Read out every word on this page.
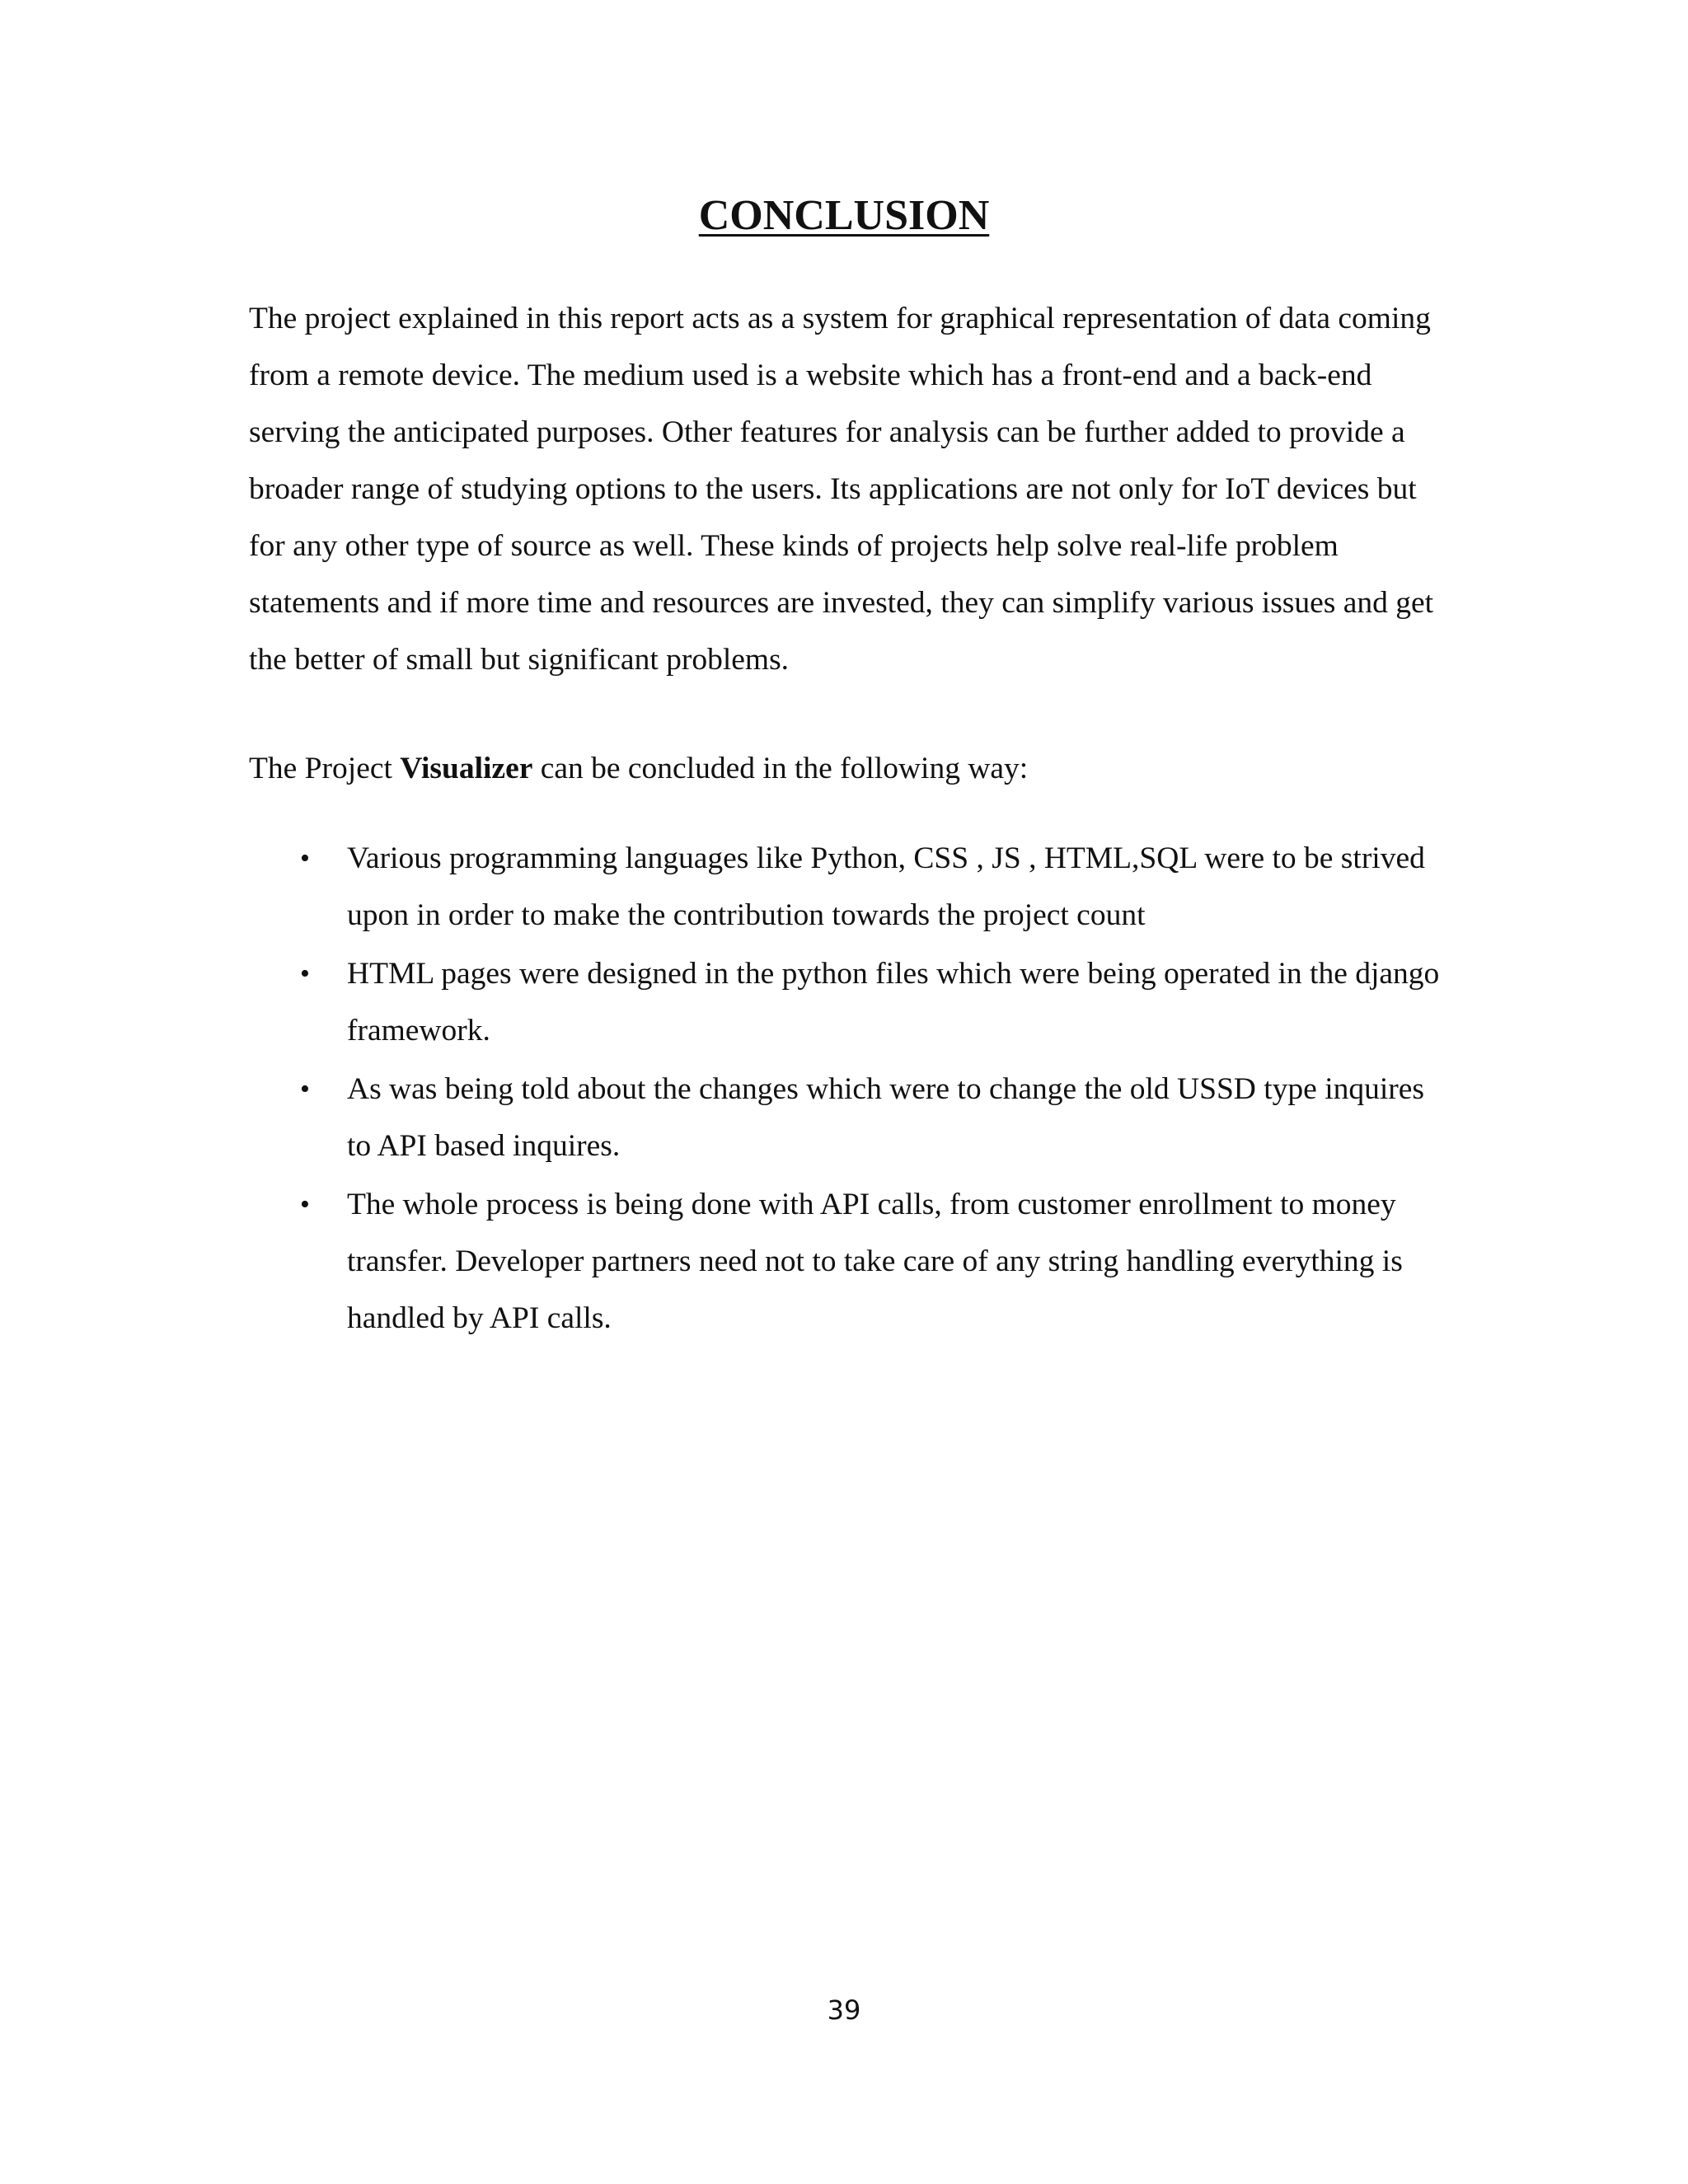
CONCLUSION

The project explained in this report acts as a system for graphical representation of data coming from a remote device. The medium used is a website which has a front-end and a back-end serving the anticipated purposes. Other features for analysis can be further added to provide a broader range of studying options to the users. Its applications are not only for IoT devices but for any other type of source as well. These kinds of projects help solve real-life problem statements and if more time and resources are invested, they can simplify various issues and get the better of small but significant problems.

The Project Visualizer can be concluded in the following way:

• Various programming languages like Python, CSS , JS , HTML,SQL were to be strived upon in order to make the contribution towards the project count
• HTML pages were designed in the python files which were being operated in the django framework.
• As was being told about the changes which were to change the old USSD type inquires to API based inquires.
• The whole process is being done with API calls, from customer enrollment to money transfer. Developer partners need not to take care of any string handling everything is handled by API calls.

39
